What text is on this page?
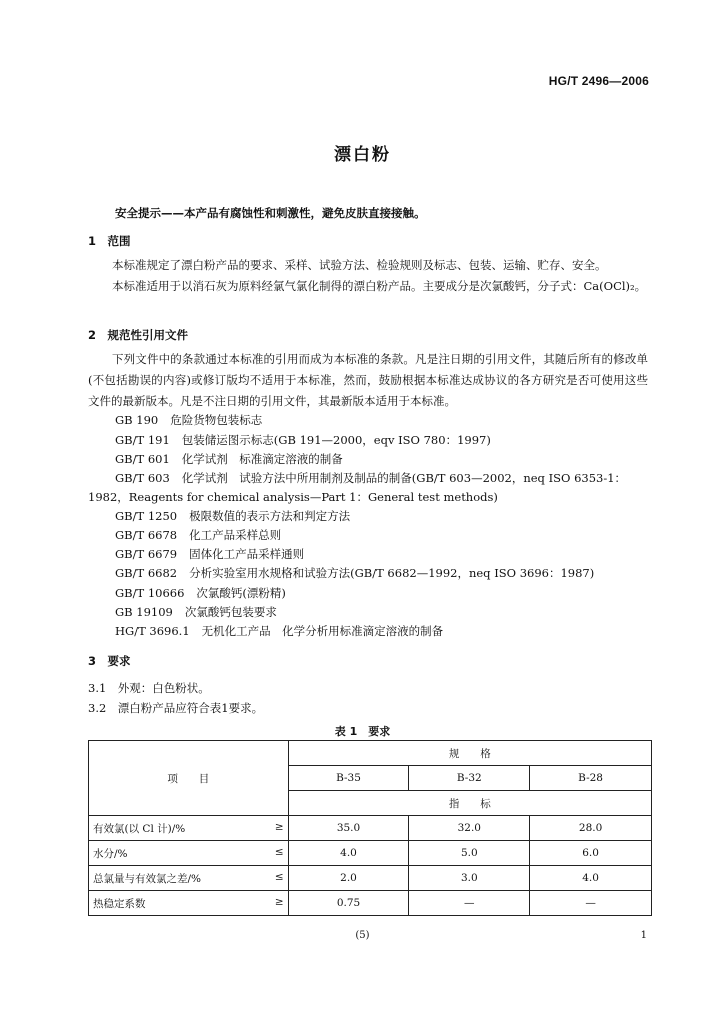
HG/T 2496—2006
漂白粉
安全提示——本产品有腐蚀性和刺激性，避免皮肤直接接触。
1　范围
本标准规定了漂白粉产品的要求、采样、试验方法、检验规则及标志、包装、运输、贮存、安全。
本标准适用于以消石灰为原料经氯气氯化制得的漂白粉产品。主要成分是次氯酸钙，分子式：Ca(OCl)₂。
2　规范性引用文件
下列文件中的条款通过本标准的引用而成为本标准的条款。凡是注日期的引用文件，其随后所有的修改单(不包括勘误的内容)或修订版均不适用于本标准，然而，鼓励根据本标准达成协议的各方研究是否可使用这些文件的最新版本。凡是不注日期的引用文件，其最新版本适用于本标准。
GB 190 危险货物包装标志
GB/T 191 包装储运图示标志(GB 191—2000，eqv ISO 780：1997)
GB/T 601 化学试剂　标准滴定溶液的制备
GB/T 603 化学试剂　试验方法中所用制剂及制品的制备(GB/T 603—2002，neq ISO 6353-1：
GB/T 1250 极限数值的表示方法和判定方法
GB/T 6678 化工产品采样总则
GB/T 6679 固体化工产品采样通则
GB/T 6682 分析实验室用水规格和试验方法(GB/T 6682—1992，neq ISO 3696：1987)
GB/T 10666 次氯酸钙(漂粉精)
GB 19109 次氯酸钙包装要求
HG/T 3696.1 无机化工产品　化学分析用标准滴定溶液的制备
1982，Reagents for chemical analysis—Part 1：General test methods)
3　要求
3.1　外观：白色粉状。
3.2　漂白粉产品应符合表1要求。
表 1　要求
项　　目	规　　格		
	B-35	B-32	B-28
	指　　标		

有效氯(以 Cl 计)/% ≥	35.0	32.0	28.0

水分/% ≤	4.0	5.0	6.0

总氯量与有效氯之差/% ≤	2.0	3.0	4.0

热稳定系数 ≥	0.75	—	—
(5)	1
